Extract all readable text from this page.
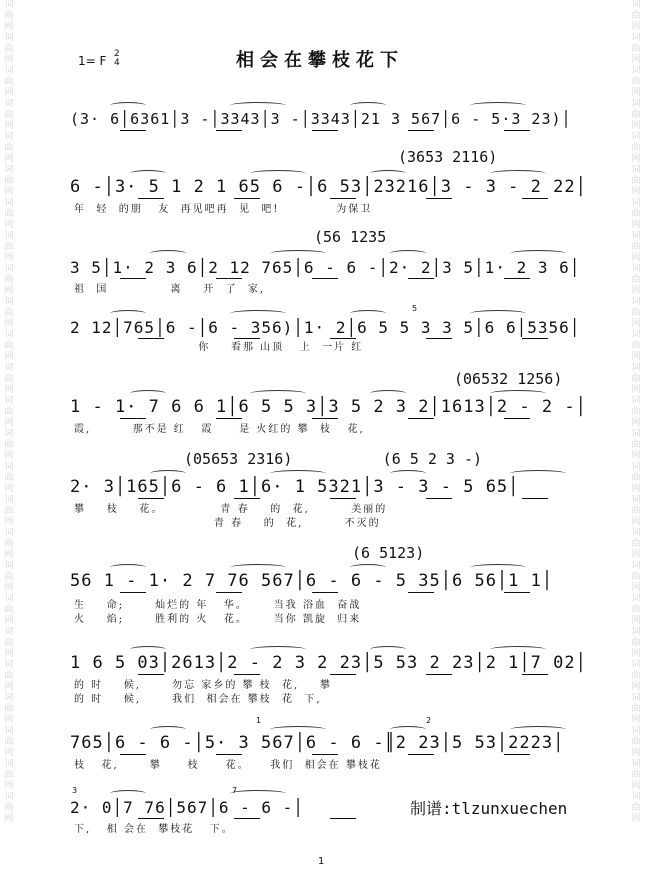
词曲网词曲网词曲网词曲网词曲网词曲网词曲网词曲网词曲网词曲网词曲网词曲网词曲网词曲网词曲网词曲网词曲网词曲网词曲网词曲网词曲网词曲网词曲网词曲网词曲网
词曲网词曲网词曲网词曲网词曲网词曲网词曲网词曲网词曲网词曲网词曲网词曲网词曲网词曲网词曲网词曲网词曲网词曲网词曲网词曲网词曲网词曲网词曲网词曲网词曲网
1= F 2
4	相会在攀枝花下
(3· 6│6361│3 -│3343│3 -│3343│21 3 567│6 - 5·3 23)│
6 -│3· 5 1 2 1 65 6 -│6 53│23216│3 - 3 - 2 22│
(3653 2116)
年  轻  的朋   友  再见吧再  见  吧!           为保卫
3 5│1· 2 3 6│2 12 765│6 - 6 -│2· 2│3 5│1· 2 3 6│
(56 1235
祖  国            离    开  了  家,
2 12│765│6 -│6 - 356)│1· 2│6 5 5 3 3 5│6 6│5356│
你    看那 山顶   上  一片 红
1 - 1· 7 6 6 1│6 5 5 3│3 5 2 3 2│1613│2 - 2 -│
(06532 1256)
霞,        那不是 红   霞     是 火红的 攀  枝   花,
2· 3│165│6 - 6 1│6· 1 5321│3 - 3 - 5 65│
(05653 2316)          (6 5 2 3 -)
攀    枝    花。           青 春    的  花,        美丽的
青 春    的  花,        不灭的
56 1 - 1· 2 7 76 567│6 - 6 - 5 35│6 56│1 1│
(6 5123)
生    命;      灿烂的 年   华。     当我 浴血  奋战
火    焰;      胜利的 火   花。     当你 凯旋  归来
1 6 5 03│2613│2 - 2 3 2 23│5 53 2 23│2 1│7 02│
的 时    候,      勿忘 家乡的 攀 枝  花,    攀
的 时    候,      我们  相会在 攀枝  花  下,
765│6 - 6 -│5· 3 567│6 - 6 -║2 23│5 53│2223│
枝   花,      攀     枝     花。    我们  相会在 攀枝花
2· 0│7 76│567│6 - 6 -│
下,   相 会在  攀枝花   下。
5
1	2
3	7
制谱:tlzunxuechen
1
